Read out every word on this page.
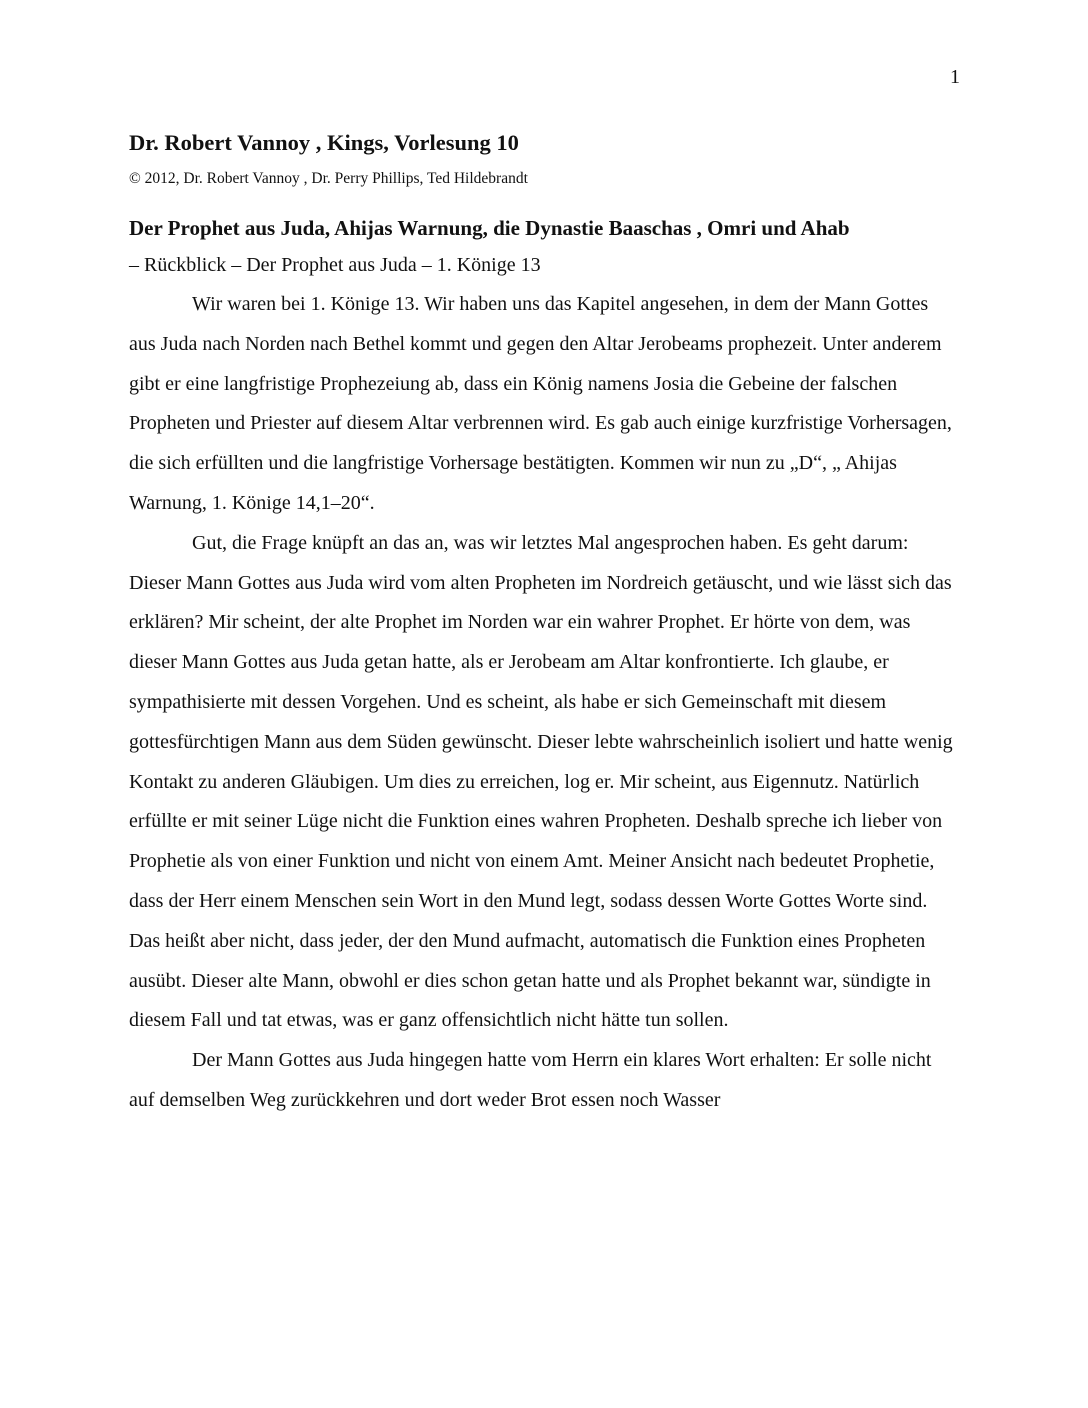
1
Dr. Robert Vannoy , Kings, Vorlesung 10

© 2012, Dr. Robert Vannoy , Dr. Perry Phillips, Ted Hildebrandt

Der Prophet aus Juda, Ahijas Warnung, die Dynastie Baaschas , Omri und Ahab

– Rückblick – Der Prophet aus Juda – 1. Könige 13

Wir waren bei 1. Könige 13. Wir haben uns das Kapitel angesehen, in dem der Mann Gottes aus Juda nach Norden nach Bethel kommt und gegen den Altar Jerobeams prophezeit. Unter anderem gibt er eine langfristige Prophezeiung ab, dass ein König namens Josia die Gebeine der falschen Propheten und Priester auf diesem Altar verbrennen wird. Es gab auch einige kurzfristige Vorhersagen, die sich erfüllten und die langfristige Vorhersage bestätigten. Kommen wir nun zu „D“, „ Ahijas Warnung, 1. Könige 14,1–20“.

Gut, die Frage knüpft an das an, was wir letztes Mal angesprochen haben. Es geht darum: Dieser Mann Gottes aus Juda wird vom alten Propheten im Nordreich getäuscht, und wie lässt sich das erklären? Mir scheint, der alte Prophet im Norden war ein wahrer Prophet. Er hörte von dem, was dieser Mann Gottes aus Juda getan hatte, als er Jerobeam am Altar konfrontierte. Ich glaube, er sympathisierte mit dessen Vorgehen. Und es scheint, als habe er sich Gemeinschaft mit diesem gottesfürchtigen Mann aus dem Süden gewünscht. Dieser lebte wahrscheinlich isoliert und hatte wenig Kontakt zu anderen Gläubigen. Um dies zu erreichen, log er. Mir scheint, aus Eigennutz. Natürlich erfüllte er mit seiner Lüge nicht die Funktion eines wahren Propheten. Deshalb spreche ich lieber von Prophetie als von einer Funktion und nicht von einem Amt. Meiner Ansicht nach bedeutet Prophetie, dass der Herr einem Menschen sein Wort in den Mund legt, sodass dessen Worte Gottes Worte sind. Das heißt aber nicht, dass jeder, der den Mund aufmacht, automatisch die Funktion eines Propheten ausübt. Dieser alte Mann, obwohl er dies schon getan hatte und als Prophet bekannt war, sündigte in diesem Fall und tat etwas, was er ganz offensichtlich nicht hätte tun sollen.

Der Mann Gottes aus Juda hingegen hatte vom Herrn ein klares Wort erhalten: Er solle nicht auf demselben Weg zurückkehren und dort weder Brot essen noch Wasser
